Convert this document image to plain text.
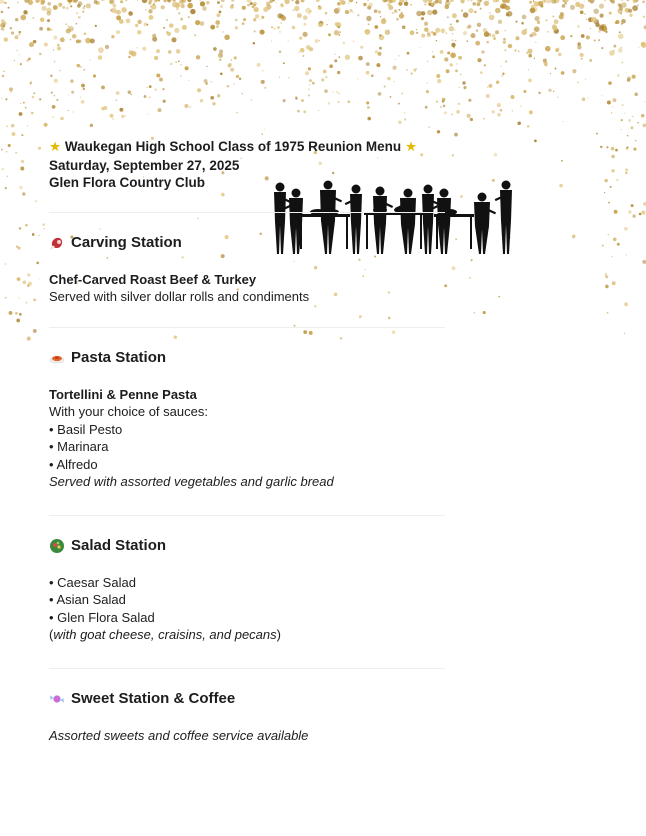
★ Waukegan High School Class of 1975 Reunion Menu ★
Saturday, September 27, 2025
Glen Flora Country Club
Carving Station
Chef-Carved Roast Beef & Turkey
Served with silver dollar rolls and condiments
Pasta Station
Tortellini & Penne Pasta
With your choice of sauces:
• Basil Pesto
• Marinara
• Alfredo
Served with assorted vegetables and garlic bread
Salad Station
• Caesar Salad
• Asian Salad
• Glen Flora Salad
(with goat cheese, craisins, and pecans)
Sweet Station & Coffee
Assorted sweets and coffee service available
